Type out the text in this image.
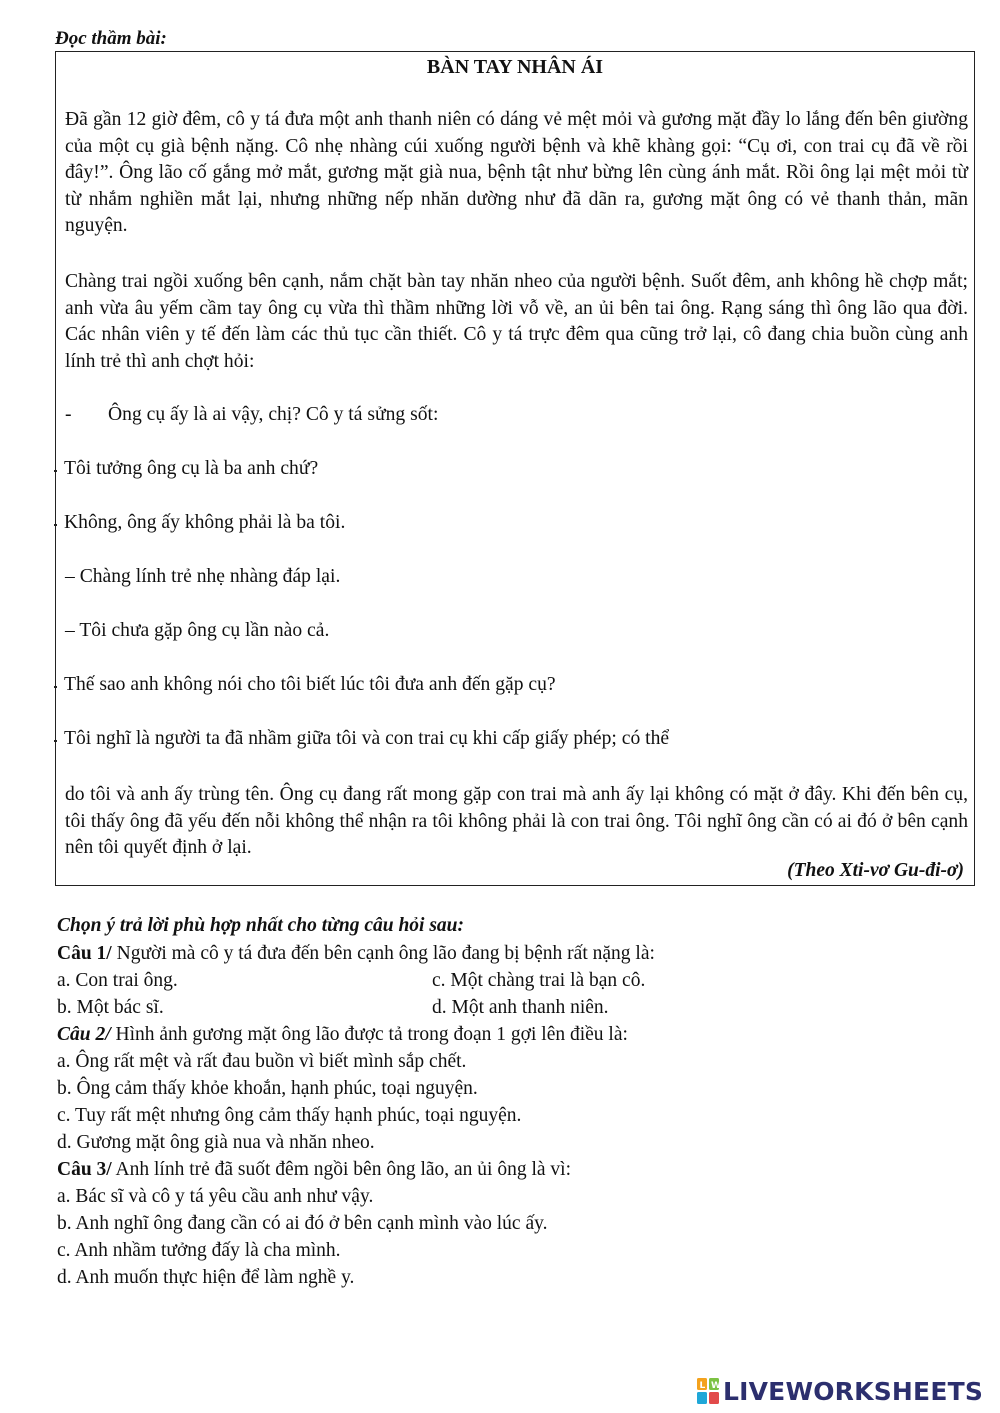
Đọc thầm bài:
BÀN TAY NHÂN ÁI

Đã gần 12 giờ đêm, cô y tá đưa một anh thanh niên có dáng vẻ mệt mỏi và gương mặt đầy lo lắng đến bên giường của một cụ già bệnh nặng. Cô nhẹ nhàng cúi xuống người bệnh và khẽ khàng gọi: “Cụ ơi, con trai cụ đã về rồi đây!”. Ông lão cố gắng mở mắt, gương mặt già nua, bệnh tật như bừng lên cùng ánh mắt. Rồi ông lại mệt mỏi từ từ nhắm nghiền mắt lại, nhưng những nếp nhăn dường như đã dãn ra, gương mặt ông có vẻ thanh thản, mãn nguyện.

Chàng trai ngồi xuống bên cạnh, nắm chặt bàn tay nhăn nheo của người bệnh. Suốt đêm, anh không hề chợp mắt; anh vừa âu yếm cầm tay ông cụ vừa thì thầm những lời vỗ về, an ủi bên tai ông. Rạng sáng thì ông lão qua đời. Các nhân viên y tế đến làm các thủ tục cần thiết. Cô y tá trực đêm qua cũng trở lại, cô đang chia buồn cùng anh lính trẻ thì anh chợt hỏi:

- Ông cụ ấy là ai vậy, chị? Cô y tá sửng sốt:
Tôi tưởng ông cụ là ba anh chứ?
Không, ông ấy không phải là ba tôi.
– Chàng lính trẻ nhẹ nhàng đáp lại.
– Tôi chưa gặp ông cụ lần nào cả.
Thế sao anh không nói cho tôi biết lúc tôi đưa anh đến gặp cụ?
Tôi nghĩ là người ta đã nhầm giữa tôi và con trai cụ khi cấp giấy phép; có thể

do tôi và anh ấy trùng tên. Ông cụ đang rất mong gặp con trai mà anh ấy lại không có mặt ở đây. Khi đến bên cụ, tôi thấy ông đã yếu đến nỗi không thể nhận ra tôi không phải là con trai ông. Tôi nghĩ ông cần có ai đó ở bên cạnh nên tôi quyết định ở lại.

(Theo Xti-vơ Gu-đi-ơ)
Chọn ý trả lời phù hợp nhất cho từng câu hỏi sau:
Câu 1/ Người mà cô y tá đưa đến bên cạnh ông lão đang bị bệnh rất nặng là:
a. Con trai ông.	c. Một chàng trai là bạn cô.
b. Một bác sĩ.	d. Một anh thanh niên.
Câu 2/ Hình ảnh gương mặt ông lão được tả trong đoạn 1 gợi lên điều là:
a. Ông rất mệt và rất đau buồn vì biết mình sắp chết.
b. Ông cảm thấy khỏe khoắn, hạnh phúc, toại nguyện.
c. Tuy rất mệt nhưng ông cảm thấy hạnh phúc, toại nguyện.
d. Gương mặt ông già nua và nhăn nheo.
Câu 3/ Anh lính trẻ đã suốt đêm ngồi bên ông lão, an ủi ông là vì:
a. Bác sĩ và cô y tá yêu cầu anh như vậy.
b. Anh nghĩ ông đang cần có ai đó ở bên cạnh mình vào lúc ấy.
c. Anh nhầm tưởng đấy là cha mình.
d. Anh muốn thực hiện để làm nghề y.
L W LIVEWORKSHEETS
